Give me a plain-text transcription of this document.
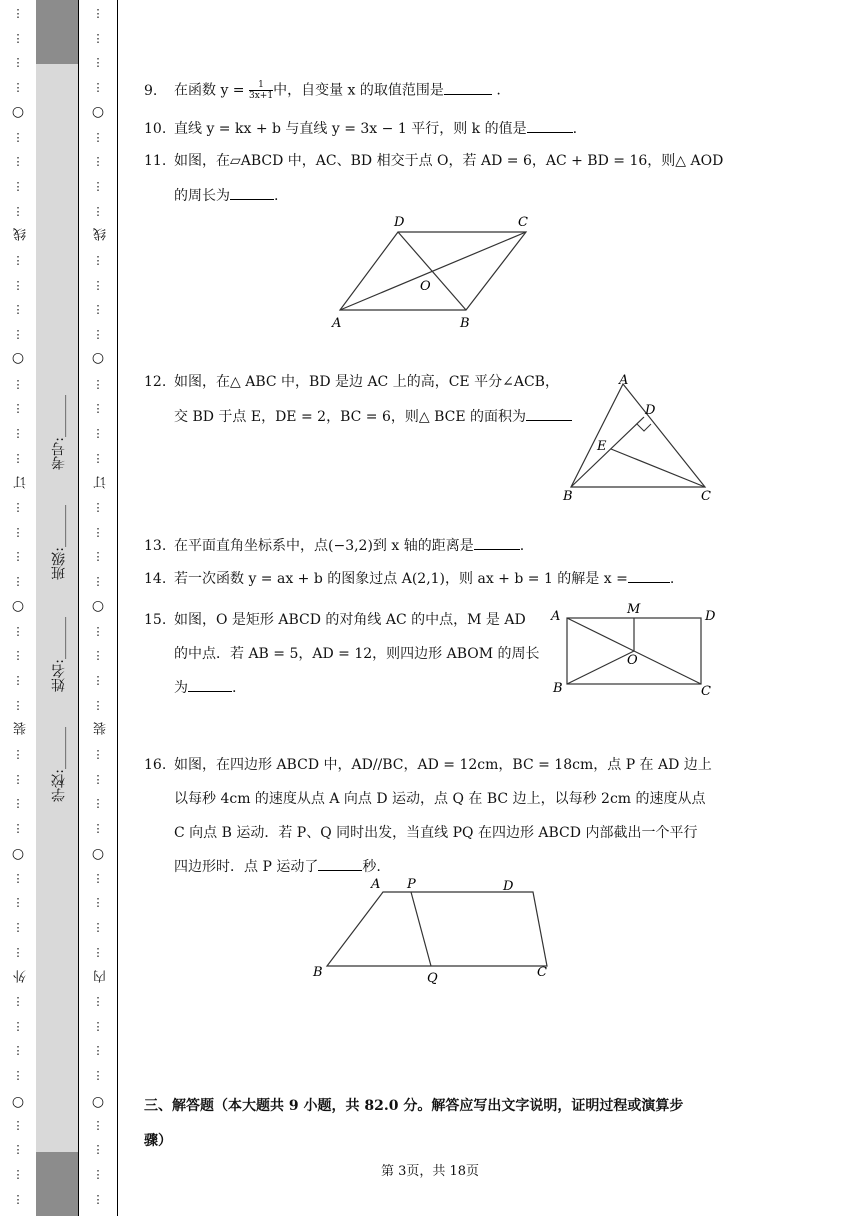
⋮
⋮
⋮
⋮
⋮
⋮
⋮
⋮
⋮
⋮
⋮
⋮
⋮
⋮
⋮
⋮
⋮
⋮
⋮
⋮
⋮
⋮
⋮
⋮
⋮
⋮
⋮
⋮
⋮
⋮
⋮
⋮
⋮
⋮
⋮
⋮
⋮
⋮
⋮
⋮
○
○
○
○
○
线
订
装
外
考号:______
班级:______
姓名:______
学校:______
⋮
⋮
⋮
⋮
⋮
⋮
⋮
⋮
⋮
⋮
⋮
⋮
⋮
⋮
⋮
⋮
⋮
⋮
⋮
⋮
⋮
⋮
⋮
⋮
⋮
⋮
⋮
⋮
⋮
⋮
⋮
⋮
⋮
⋮
⋮
⋮
⋮
⋮
⋮
⋮
○
○
○
○
○
线
订
装
内
9. 在函数 $y = \frac{1}{3x+1}$ 中，自变量 x 的取值范围是	.
10. 直线 y = kx + b 与直线 y = 3x − 1 平行，则 k 的值是	.
11. 如图，在▱ABCD 中，AC、BD 相交于点 O，若 AD = 6，AC + BD = 16，则△ AOD
的周长为	.
D	C
O
A	B
12. 如图，在△ ABC 中，BD 是边 AC 上的高，CE 平分∠ACB，
交 BD 于点 E，DE = 2，BC = 6，则△ BCE 的面积为
A
D
E
B	C
13. 在平面直角坐标系中，点(−3,2)到 x 轴的距离是	.
14. 若一次函数 y = ax + b 的图象过点 A(2,1)，则 ax + b = 1 的解是 x =	.
15. 如图，O 是矩形 ABCD 的对角线 AC 的中点，M 是 AD
的中点．若 AB = 5，AD = 12，则四边形 ABOM 的周长
为	.
A	M	D
O
B	C
16. 如图，在四边形 ABCD 中，AD//BC，AD = 12cm，BC = 18cm，点 P 在 AD 边上
以每秒 4cm 的速度从点 A 向点 D 运动，点 Q 在 BC 边上，以每秒 2cm 的速度从点
C 向点 B 运动．若 P、Q 同时出发，当直线 PQ 在四边形 ABCD 内部截出一个平行
四边形时．点 P 运动了	秒.
A P	D
B	Q	C
三、解答题（本大题共 9 小题，共 82.0 分。解答应写出文字说明，证明过程或演算步
骤）
第 3页，共 18页
